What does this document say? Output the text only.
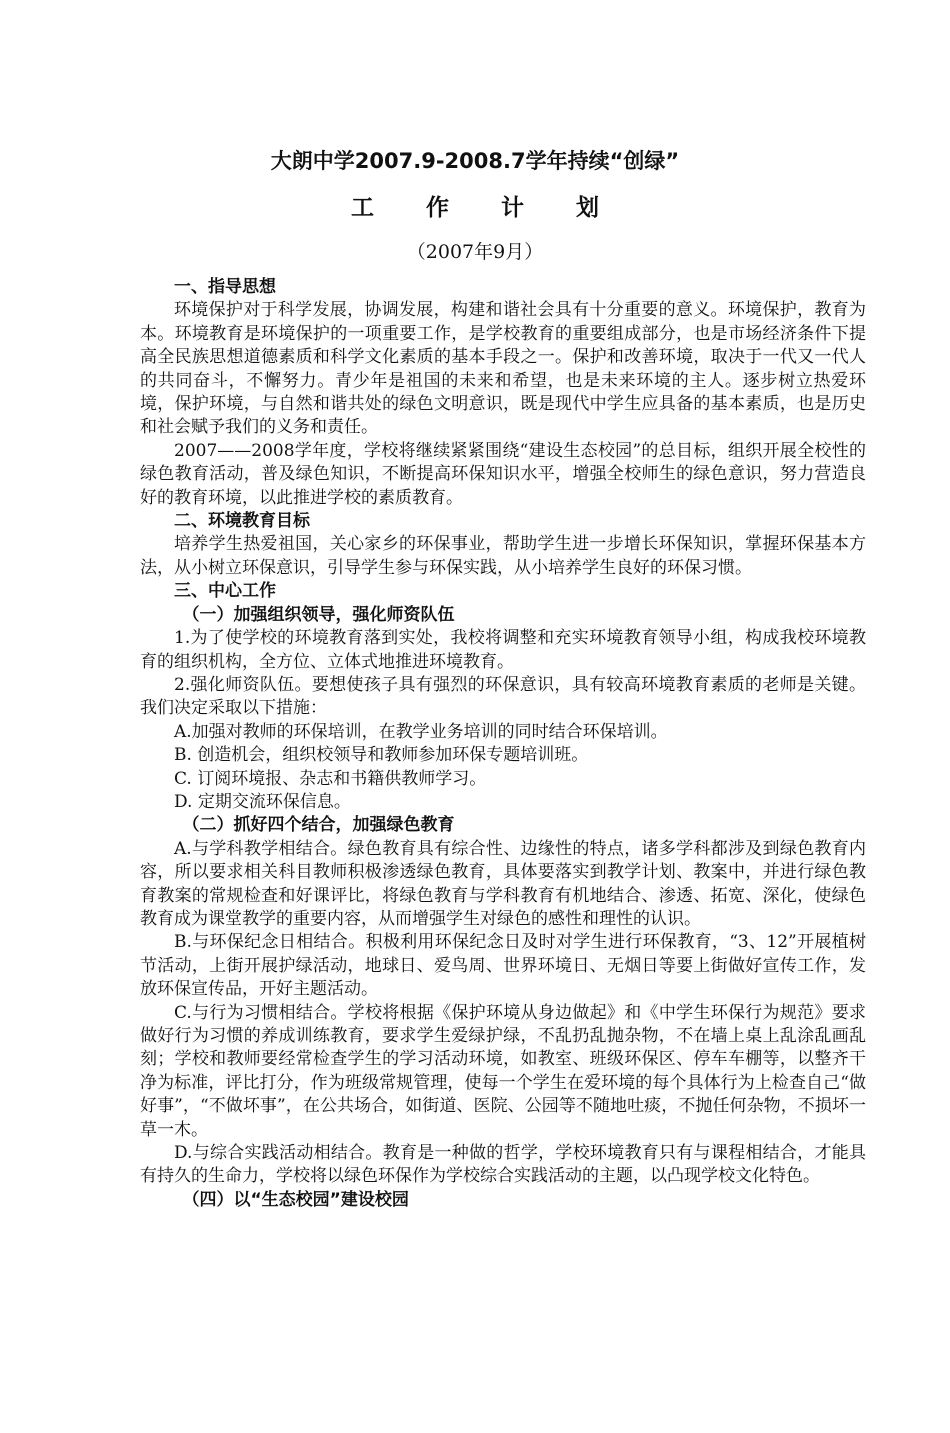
大朗中学2007.9-2008.7学年持续“创绿”
工 作 计 划
（2007年9月）

一、指导思想

环境保护对于科学发展，协调发展，构建和谐社会具有十分重要的意义。环境保护，教育为本。环境教育是环境保护的一项重要工作，是学校教育的重要组成部分，也是市场经济条件下提高全民族思想道德素质和科学文化素质的基本手段之一。保护和改善环境，取决于一代又一代人的共同奋斗，不懈努力。青少年是祖国的未来和希望，也是未来环境的主人。逐步树立热爱环境，保护环境，与自然和谐共处的绿色文明意识，既是现代中学生应具备的基本素质，也是历史和社会赋予我们的义务和责任。

2007——2008学年度，学校将继续紧紧围绕“建设生态校园”的总目标，组织开展全校性的绿色教育活动，普及绿色知识，不断提高环保知识水平，增强全校师生的绿色意识，努力营造良好的教育环境，以此推进学校的素质教育。

二、环境教育目标

培养学生热爱祖国，关心家乡的环保事业，帮助学生进一步增长环保知识，掌握环保基本方法，从小树立环保意识，引导学生参与环保实践，从小培养学生良好的环保习惯。

三、中心工作

（一）加强组织领导，强化师资队伍

1.为了使学校的环境教育落到实处，我校将调整和充实环境教育领导小组，构成我校环境教育的组织机构，全方位、立体式地推进环境教育。

2.强化师资队伍。要想使孩子具有强烈的环保意识，具有较高环境教育素质的老师是关键。我们决定采取以下措施：

A.加强对教师的环保培训，在教学业务培训的同时结合环保培训。

B. 创造机会，组织校领导和教师参加环保专题培训班。

C. 订阅环境报、杂志和书籍供教师学习。

D. 定期交流环保信息。

（二）抓好四个结合，加强绿色教育

A.与学科教学相结合。绿色教育具有综合性、边缘性的特点，诸多学科都涉及到绿色教育内容，所以要求相关科目教师积极渗透绿色教育，具体要落实到教学计划、教案中，并进行绿色教育教案的常规检查和好课评比，将绿色教育与学科教育有机地结合、渗透、拓宽、深化，使绿色教育成为课堂教学的重要内容，从而增强学生对绿色的感性和理性的认识。

B.与环保纪念日相结合。积极利用环保纪念日及时对学生进行环保教育，“3、12”开展植树节活动，上街开展护绿活动，地球日、爱鸟周、世界环境日、无烟日等要上街做好宣传工作，发放环保宣传品，开好主题活动。

C.与行为习惯相结合。学校将根据《保护环境从身边做起》和《中学生环保行为规范》要求做好行为习惯的养成训练教育，要求学生爱绿护绿，不乱扔乱抛杂物，不在墙上桌上乱涂乱画乱刻；学校和教师要经常检查学生的学习活动环境，如教室、班级环保区、停车车棚等，以整齐干净为标准，评比打分，作为班级常规管理，使每一个学生在爱环境的每个具体行为上检查自己“做好事”，“不做坏事”，在公共场合，如街道、医院、公园等不随地吐痰，不抛任何杂物，不损坏一草一木。

D.与综合实践活动相结合。教育是一种做的哲学，学校环境教育只有与课程相结合，才能具有持久的生命力，学校将以绿色环保作为学校综合实践活动的主题，以凸现学校文化特色。

（四）以“生态校园”建设校园
